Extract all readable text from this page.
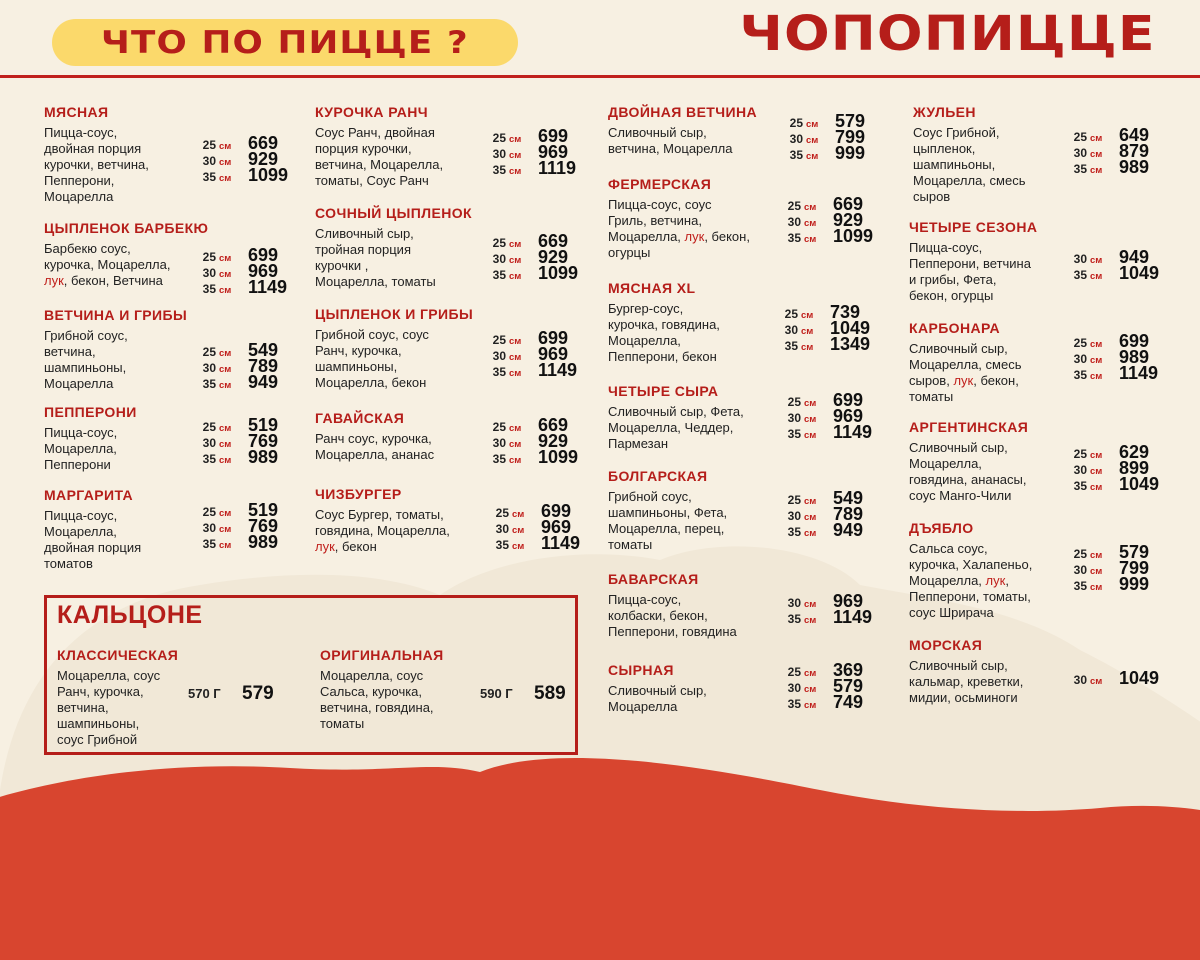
ЧТО ПО ПИЦЦЕ ?	ЧОПОПИЦЦЕ
КАЛЬЦОНЕ
МЯСНАЯ
Пицца-соус,
двойная порция
курочки, ветчина,
Пепперони,
Моцарелла
25 см 669
30 см 929
35 см 1099
ЦЫПЛЕНОК БАРБЕКЮ
Барбекю соус,
курочка, Моцарелла,
лук, бекон, Ветчина
25 см 699
30 см 969
35 см 1149
ВЕТЧИНА И ГРИБЫ
Грибной соус,
ветчина,
шампиньоны,
Моцарелла
25 см 549
30 см 789
35 см 949
ПЕППЕРОНИ
Пицца-соус,
Моцарелла,
Пепперони
25 см 519
30 см 769
35 см 989
МАРГАРИТА
Пицца-соус,
Моцарелла,
двойная порция
томатов
25 см 519
30 см 769
35 см 989
КУРОЧКА РАНЧ
Соус Ранч, двойная
порция курочки,
ветчина, Моцарелла,
томаты, Соус Ранч
25 см 699
30 см 969
35 см 1119
СОЧНЫЙ ЦЫПЛЕНОК
Сливочный сыр,
тройная порция
курочки ,
Моцарелла, томаты
25 см 669
30 см 929
35 см 1099
ЦЫПЛЕНОК И ГРИБЫ
Грибной соус, соус
Ранч, курочка,
шампиньоны,
Моцарелла, бекон
25 см 699
30 см 969
35 см 1149
ГАВАЙСКАЯ
Ранч соус, курочка,
Моцарелла, ананас
25 см 669
30 см 929
35 см 1099
ЧИЗБУРГЕР
Соус Бургер, томаты,
говядина, Моцарелла,
лук, бекон
25 см 699
30 см 969
35 см 1149
ДВОЙНАЯ ВЕТЧИНА
Сливочный сыр,
ветчина, Моцарелла
25 см 579
30 см 799
35 см 999
ФЕРМЕРСКАЯ
Пицца-соус, соус
Гриль, ветчина,
Моцарелла, лук, бекон,
огурцы
25 см 669
30 см 929
35 см 1099
МЯСНАЯ XL
Бургер-соус,
курочка, говядина,
Моцарелла,
Пепперони, бекон
25 см 739
30 см 1049
35 см 1349
ЧЕТЫРЕ СЫРА
Сливочный сыр, Фета,
Моцарелла, Чеддер,
Пармезан
25 см 699
30 см 969
35 см 1149
БОЛГАРСКАЯ
Грибной соус,
шампиньоны, Фета,
Моцарелла, перец,
томаты
25 см 549
30 см 789
35 см 949
БАВАРСКАЯ
Пицца-соус,
колбаски, бекон,
Пепперони, говядина
30 см 969
35 см 1149
СЫРНАЯ
Сливочный сыр,
Моцарелла
25 см 369
30 см 579
35 см 749
ЖУЛЬЕН
Соус Грибной,
цыпленок,
шампиньоны,
Моцарелла, смесь
сыров
25 см 649
30 см 879
35 см 989
ЧЕТЫРЕ СЕЗОНА
Пицца-соус,
Пепперони, ветчина
и грибы, Фета,
бекон, огурцы
30 см 949
35 см 1049
КАРБОНАРА
Сливочный сыр,
Моцарелла, смесь
сыров, лук, бекон,
томаты
25 см 699
30 см 989
35 см 1149
АРГЕНТИНСКАЯ
Сливочный сыр,
Моцарелла,
говядина, ананасы,
соус Манго-Чили
25 см 629
30 см 899
35 см 1049
ДЪЯБЛО
Сальса соус,
курочка, Халапеньо,
Моцарелла, лук,
Пепперони, томаты,
соус Шрирача
25 см 579
30 см 799
35 см 999
МОРСКАЯ
Сливочный сыр,
кальмар, креветки,
мидии, осьминоги
30 см 1049
КЛАССИЧЕСКАЯ
Моцарелла, соус
Ранч, курочка,
ветчина,
шампиньоны,
соус Грибной
570 Г 579
ОРИГИНАЛЬНАЯ
Моцарелла, соус
Сальса, курочка,
ветчина, говядина,
томаты
590 Г 589
